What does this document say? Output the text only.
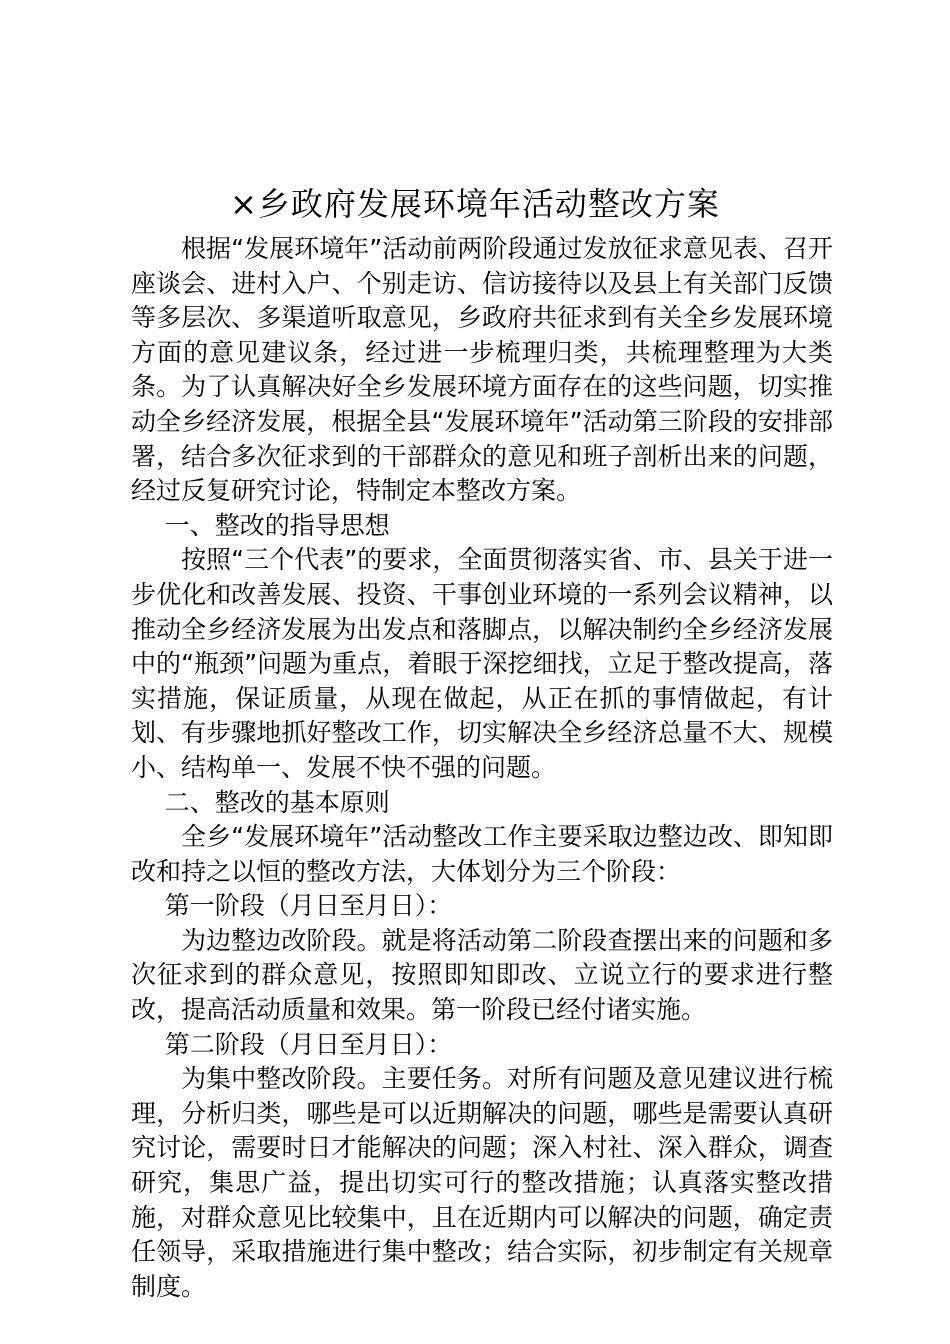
×乡政府发展环境年活动整改方案

根据“发展环境年”活动前两阶段通过发放征求意见表、召开座谈会、进村入户、个别走访、信访接待以及县上有关部门反馈等多层次、多渠道听取意见，乡政府共征求到有关全乡发展环境方面的意见建议条，经过进一步梳理归类，共梳理整理为大类条。为了认真解决好全乡发展环境方面存在的这些问题，切实推动全乡经济发展，根据全县“发展环境年”活动第三阶段的安排部署，结合多次征求到的干部群众的意见和班子剖析出来的问题，经过反复研究讨论，特制定本整改方案。

一、整改的指导思想

按照“三个代表”的要求，全面贯彻落实省、市、县关于进一步优化和改善发展、投资、干事创业环境的一系列会议精神，以推动全乡经济发展为出发点和落脚点，以解决制约全乡经济发展中的“瓶颈”问题为重点，着眼于深挖细找，立足于整改提高，落实措施，保证质量，从现在做起，从正在抓的事情做起，有计划、有步骤地抓好整改工作，切实解决全乡经济总量不大、规模小、结构单一、发展不快不强的问题。

二、整改的基本原则

全乡“发展环境年”活动整改工作主要采取边整边改、即知即改和持之以恒的整改方法，大体划分为三个阶段：

第一阶段（月日至月日）：

为边整边改阶段。就是将活动第二阶段查摆出来的问题和多次征求到的群众意见，按照即知即改、立说立行的要求进行整改，提高活动质量和效果。第一阶段已经付诸实施。

第二阶段（月日至月日）：

为集中整改阶段。主要任务。对所有问题及意见建议进行梳理，分析归类，哪些是可以近期解决的问题，哪些是需要认真研究讨论，需要时日才能解决的问题；深入村社、深入群众，调查研究，集思广益，提出切实可行的整改措施；认真落实整改措施，对群众意见比较集中，且在近期内可以解决的问题，确定责任领导，采取措施进行集中整改；结合实际，初步制定有关规章制度。
